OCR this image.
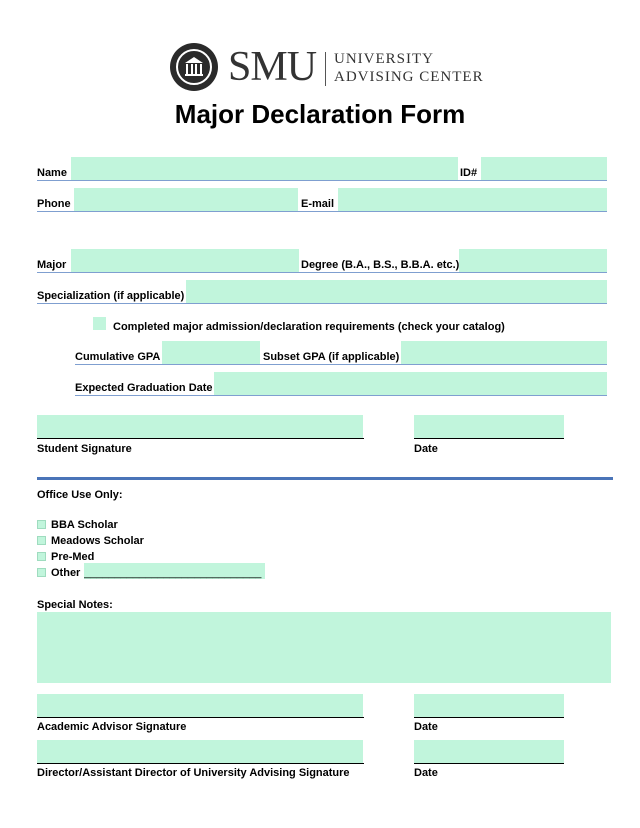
SMU UNIVERSITY
ADVISING CENTER
Major Declaration Form
Name	ID#
Phone	E-mail
Major	Degree (B.A., B.S., B.B.A. etc.)
Specialization (if applicable)
Completed major admission/declaration requirements (check your catalog)
Cumulative GPA	Subset GPA (if applicable)
Expected Graduation Date
Student Signature	Date
Office Use Only:
BBA Scholar
Meadows Scholar
Pre-Med
Other _____________________________
Special Notes:
Academic Advisor Signature	Date
Director/Assistant Director of University Advising Signature	Date
